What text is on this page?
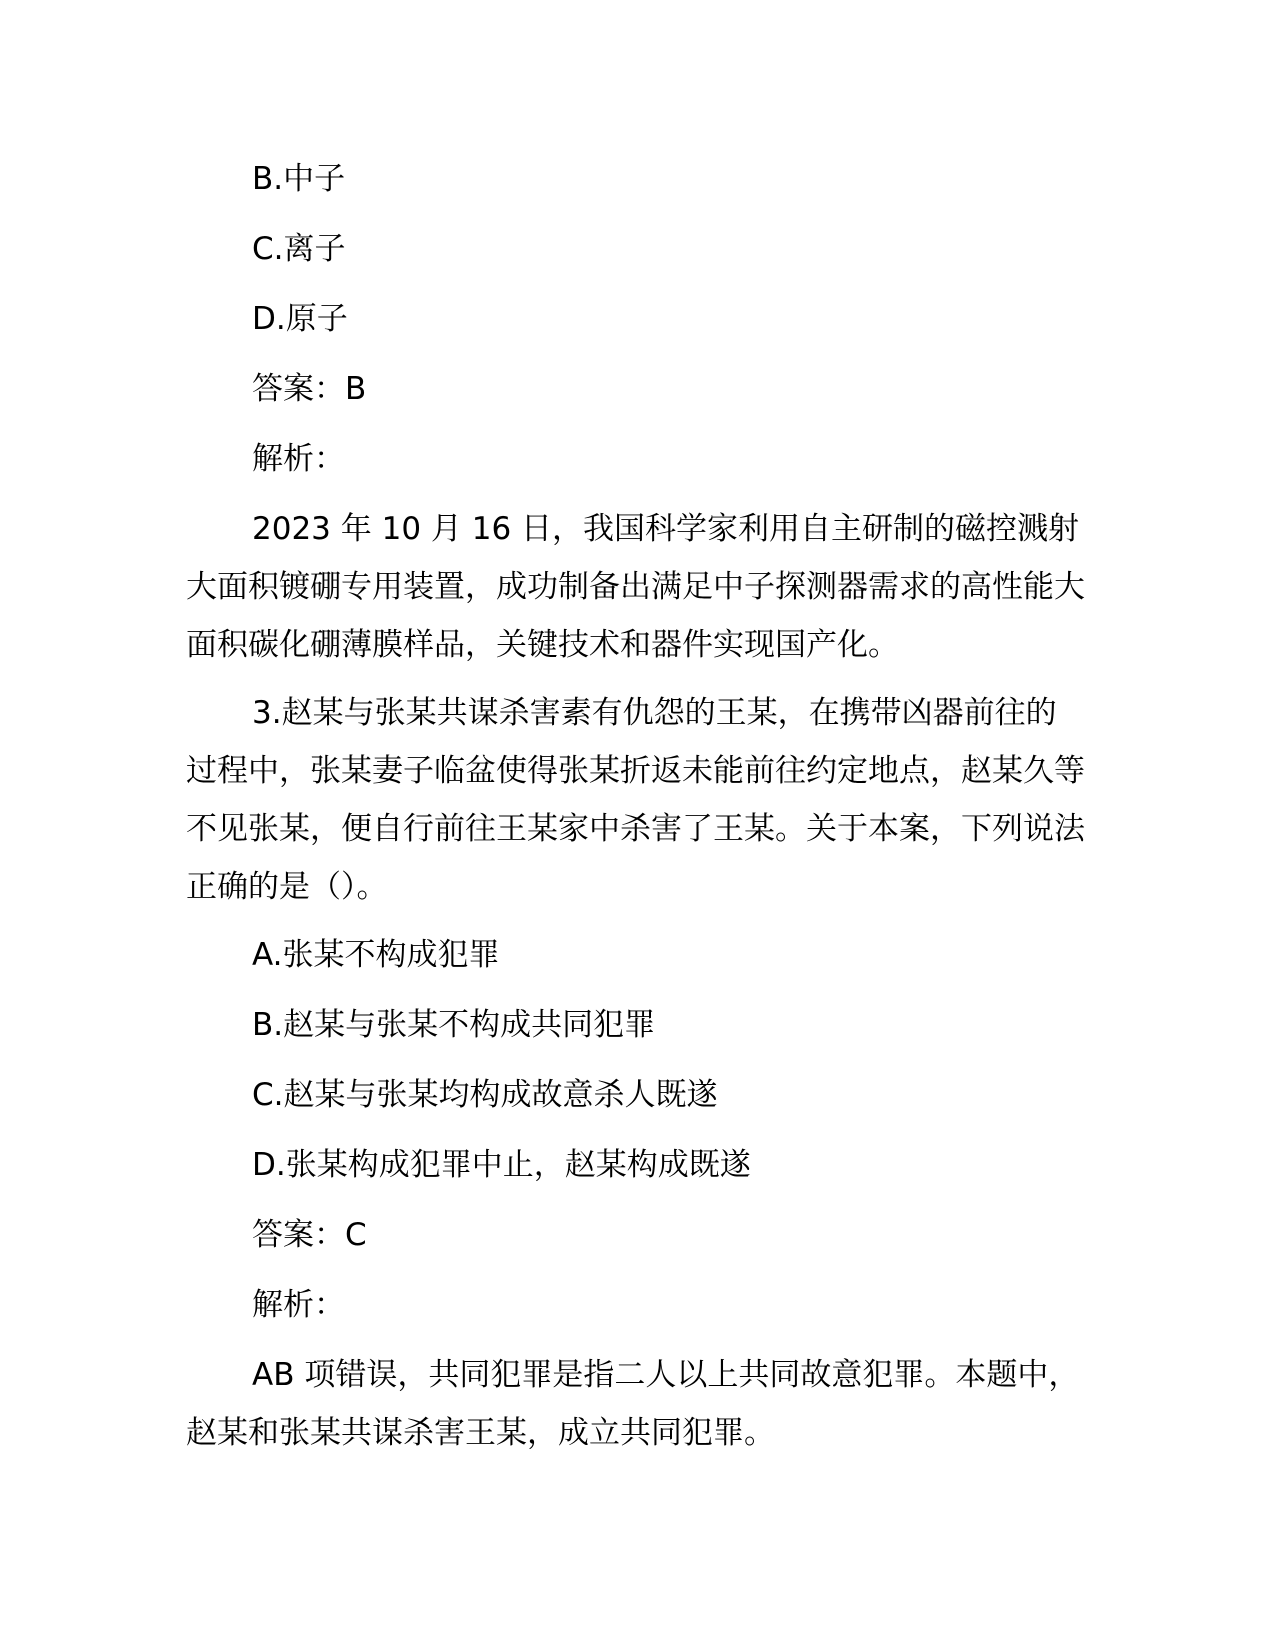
B.中子

C.离子

D.原子

答案：B

解析：

2023 年 10 月 16 日，我国科学家利用自主研制的磁控溅射大面积镀硼专用装置，成功制备出满足中子探测器需求的高性能大面积碳化硼薄膜样品，关键技术和器件实现国产化。

3.赵某与张某共谋杀害素有仇怨的王某，在携带凶器前往的过程中，张某妻子临盆使得张某折返未能前往约定地点，赵某久等不见张某，便自行前往王某家中杀害了王某。关于本案，下列说法正确的是（）。

A.张某不构成犯罪

B.赵某与张某不构成共同犯罪

C.赵某与张某均构成故意杀人既遂

D.张某构成犯罪中止，赵某构成既遂

答案：C

解析：

AB 项错误，共同犯罪是指二人以上共同故意犯罪。本题中，赵某和张某共谋杀害王某，成立共同犯罪。
